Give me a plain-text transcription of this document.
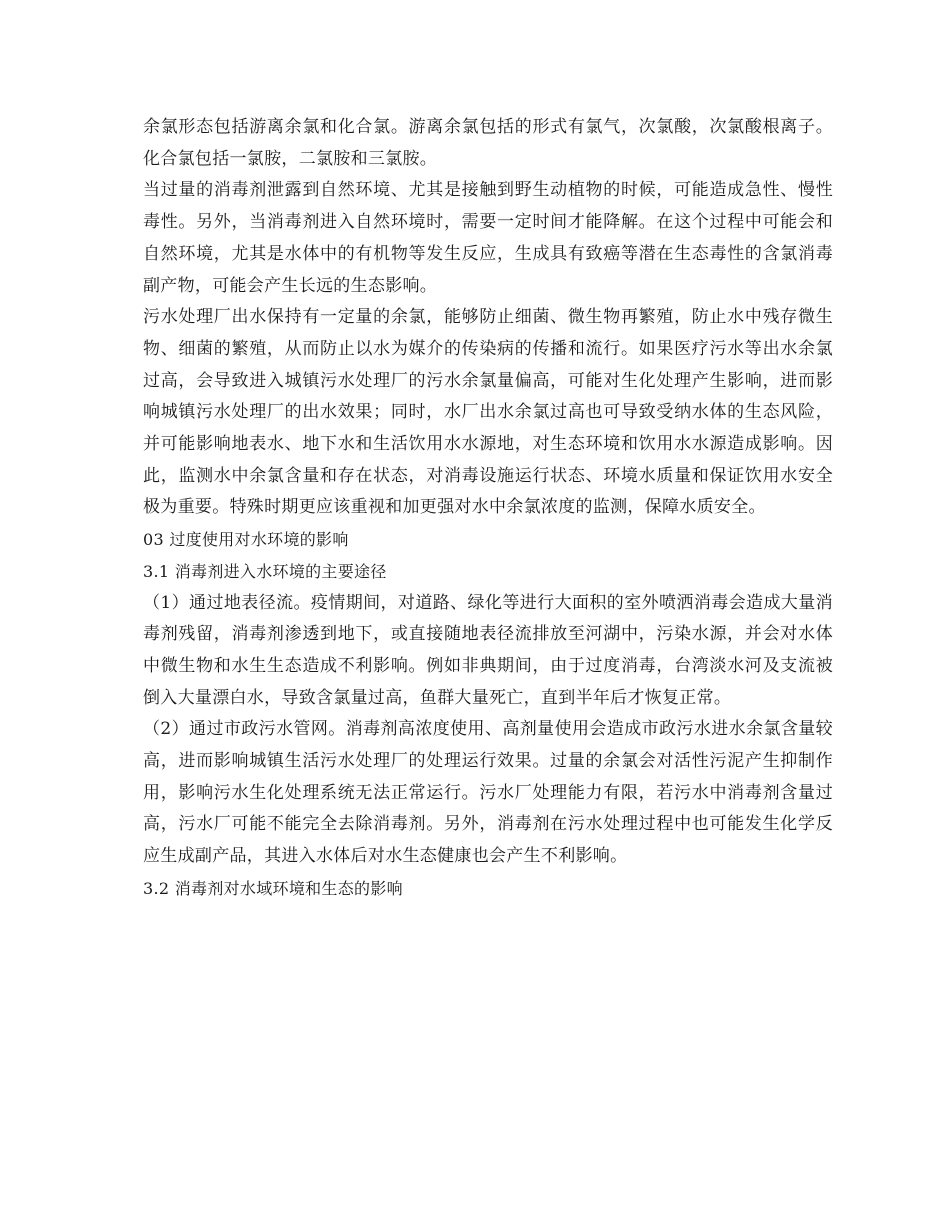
余氯形态包括游离余氯和化合氯。游离余氯包括的形式有氯气，次氯酸，次氯酸根离子。化合氯包括一氯胺，二氯胺和三氯胺。

当过量的消毒剂泄露到自然环境、尤其是接触到野生动植物的时候，可能造成急性、慢性毒性。另外，当消毒剂进入自然环境时，需要一定时间才能降解。在这个过程中可能会和自然环境，尤其是水体中的有机物等发生反应，生成具有致癌等潜在生态毒性的含氯消毒副产物，可能会产生长远的生态影响。

污水处理厂出水保持有一定量的余氯，能够防止细菌、微生物再繁殖，防止水中残存微生物、细菌的繁殖，从而防止以水为媒介的传染病的传播和流行。如果医疗污水等出水余氯过高，会导致进入城镇污水处理厂的污水余氯量偏高，可能对生化处理产生影响，进而影响城镇污水处理厂的出水效果；同时，水厂出水余氯过高也可导致受纳水体的生态风险，并可能影响地表水、地下水和生活饮用水水源地，对生态环境和饮用水水源造成影响。因此，监测水中余氯含量和存在状态，对消毒设施运行状态、环境水质量和保证饮用水安全极为重要。特殊时期更应该重视和加更强对水中余氯浓度的监测，保障水质安全。

03 过度使用对水环境的影响

3.1 消毒剂进入水环境的主要途径

（1）通过地表径流。疫情期间，对道路、绿化等进行大面积的室外喷洒消毒会造成大量消毒剂残留，消毒剂渗透到地下，或直接随地表径流排放至河湖中，污染水源，并会对水体中微生物和水生生态造成不利影响。例如非典期间，由于过度消毒，台湾淡水河及支流被倒入大量漂白水，导致含氯量过高，鱼群大量死亡，直到半年后才恢复正常。

（2）通过市政污水管网。消毒剂高浓度使用、高剂量使用会造成市政污水进水余氯含量较高，进而影响城镇生活污水处理厂的处理运行效果。过量的余氯会对活性污泥产生抑制作用，影响污水生化处理系统无法正常运行。污水厂处理能力有限，若污水中消毒剂含量过高，污水厂可能不能完全去除消毒剂。另外，消毒剂在污水处理过程中也可能发生化学反应生成副产品，其进入水体后对水生态健康也会产生不利影响。

3.2 消毒剂对水域环境和生态的影响
